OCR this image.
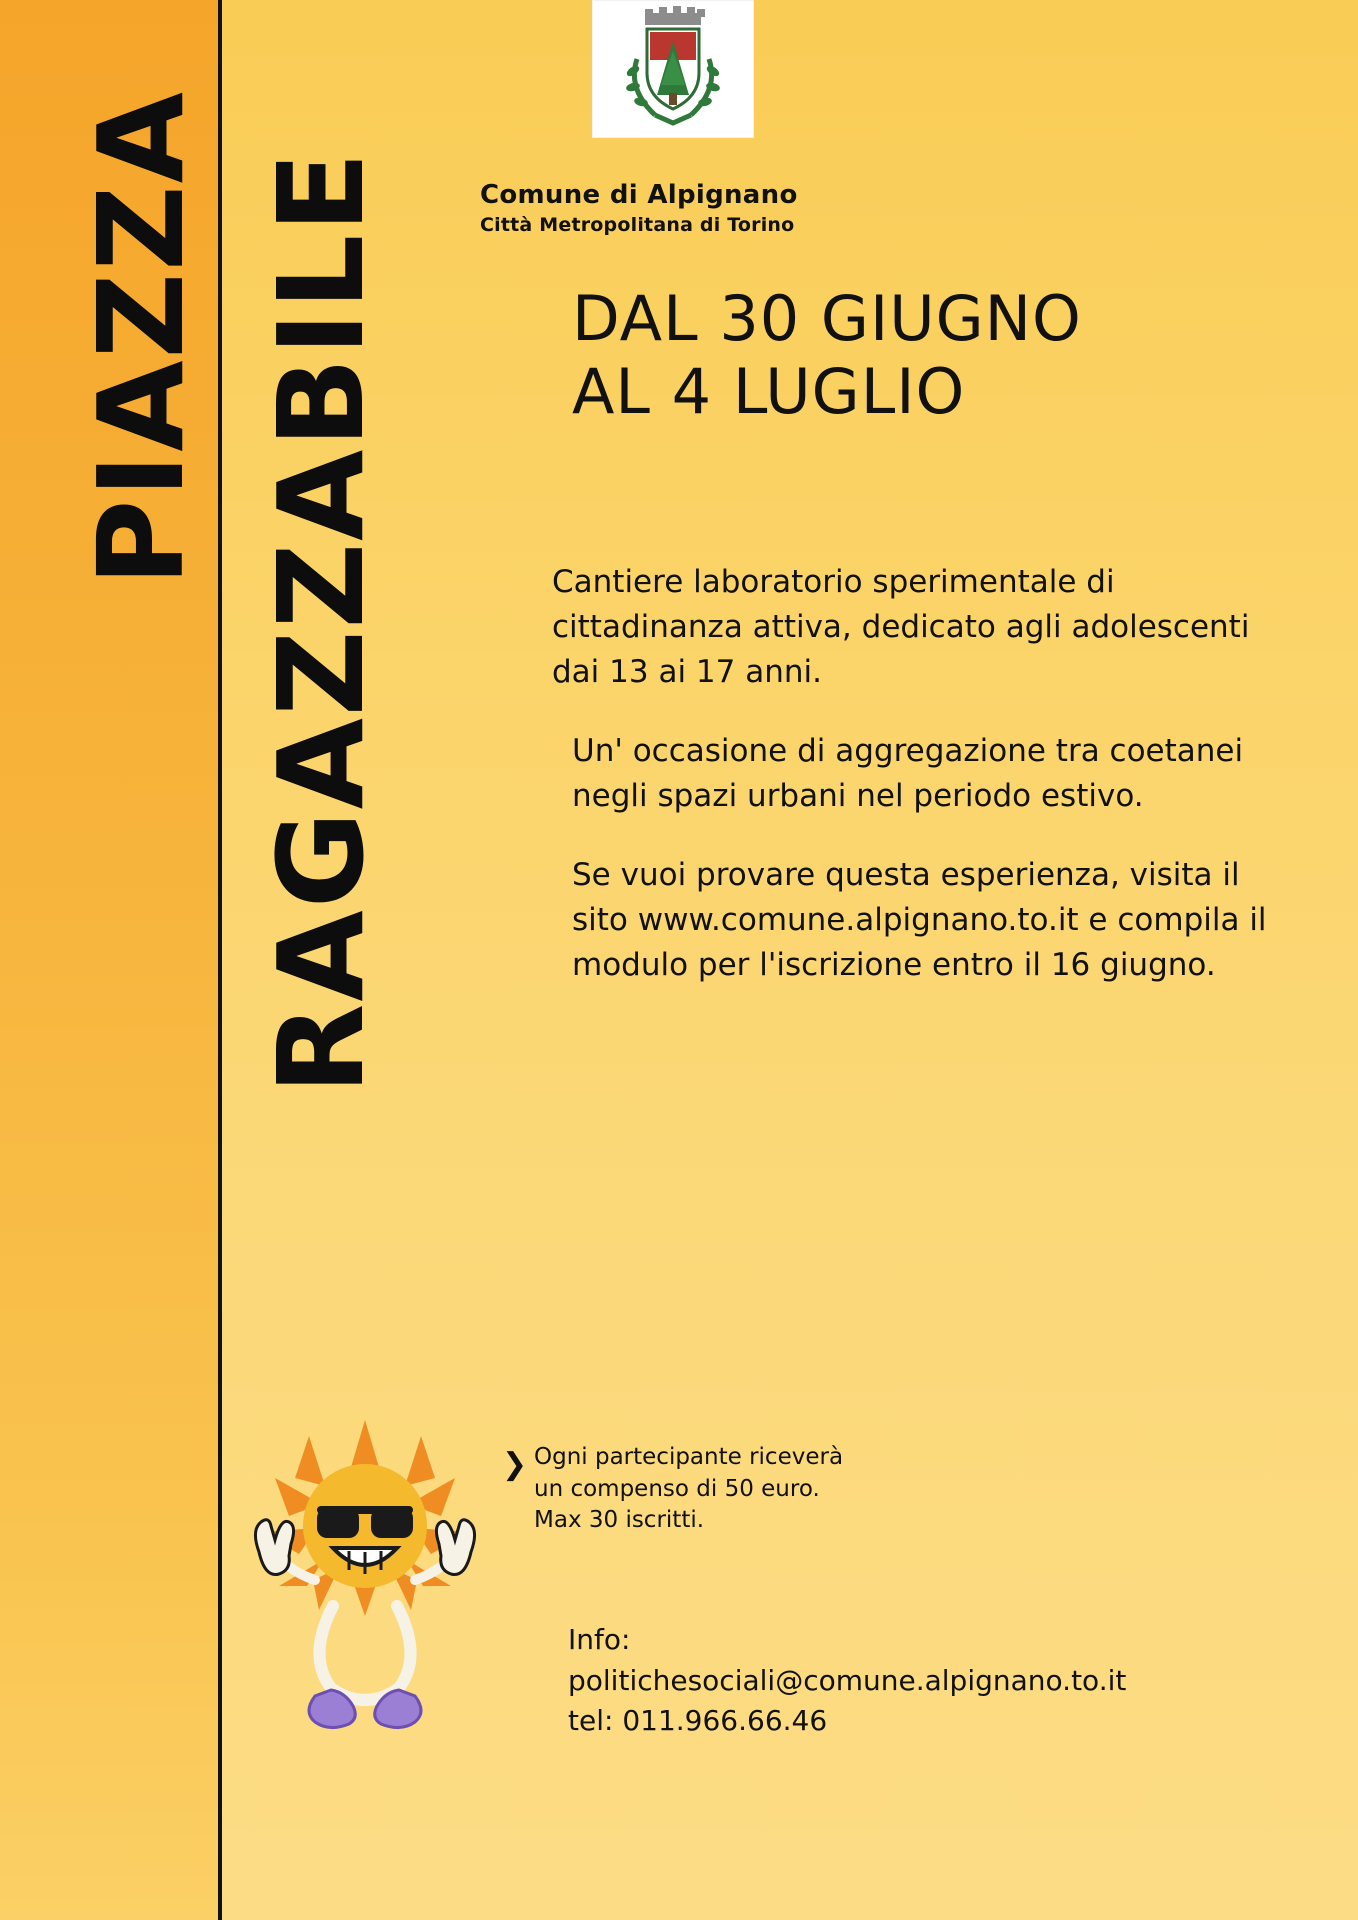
PIAZZA RAGAZZABILE	Comune di Alpignano

Città Metropolitana di Torino

DAL 30 GIUGNO AL 4 LUGLIO

Cantiere laboratorio sperimentale di cittadinanza attiva, dedicato agli adolescenti dai 13 ai 17 anni.

Un' occasione di aggregazione tra coetanei negli spazi urbani nel periodo estivo.

Se vuoi provare questa esperienza, visita il sito www.comune.alpignano.to.it e compila il modulo per l'iscrizione entro il 16 giugno.

❯ Ogni partecipante riceverà

un compenso di 50 euro.

Max 30 iscritti.

Info:

politichesociali@comune.alpignano.to.it

tel: 011.966.66.46
